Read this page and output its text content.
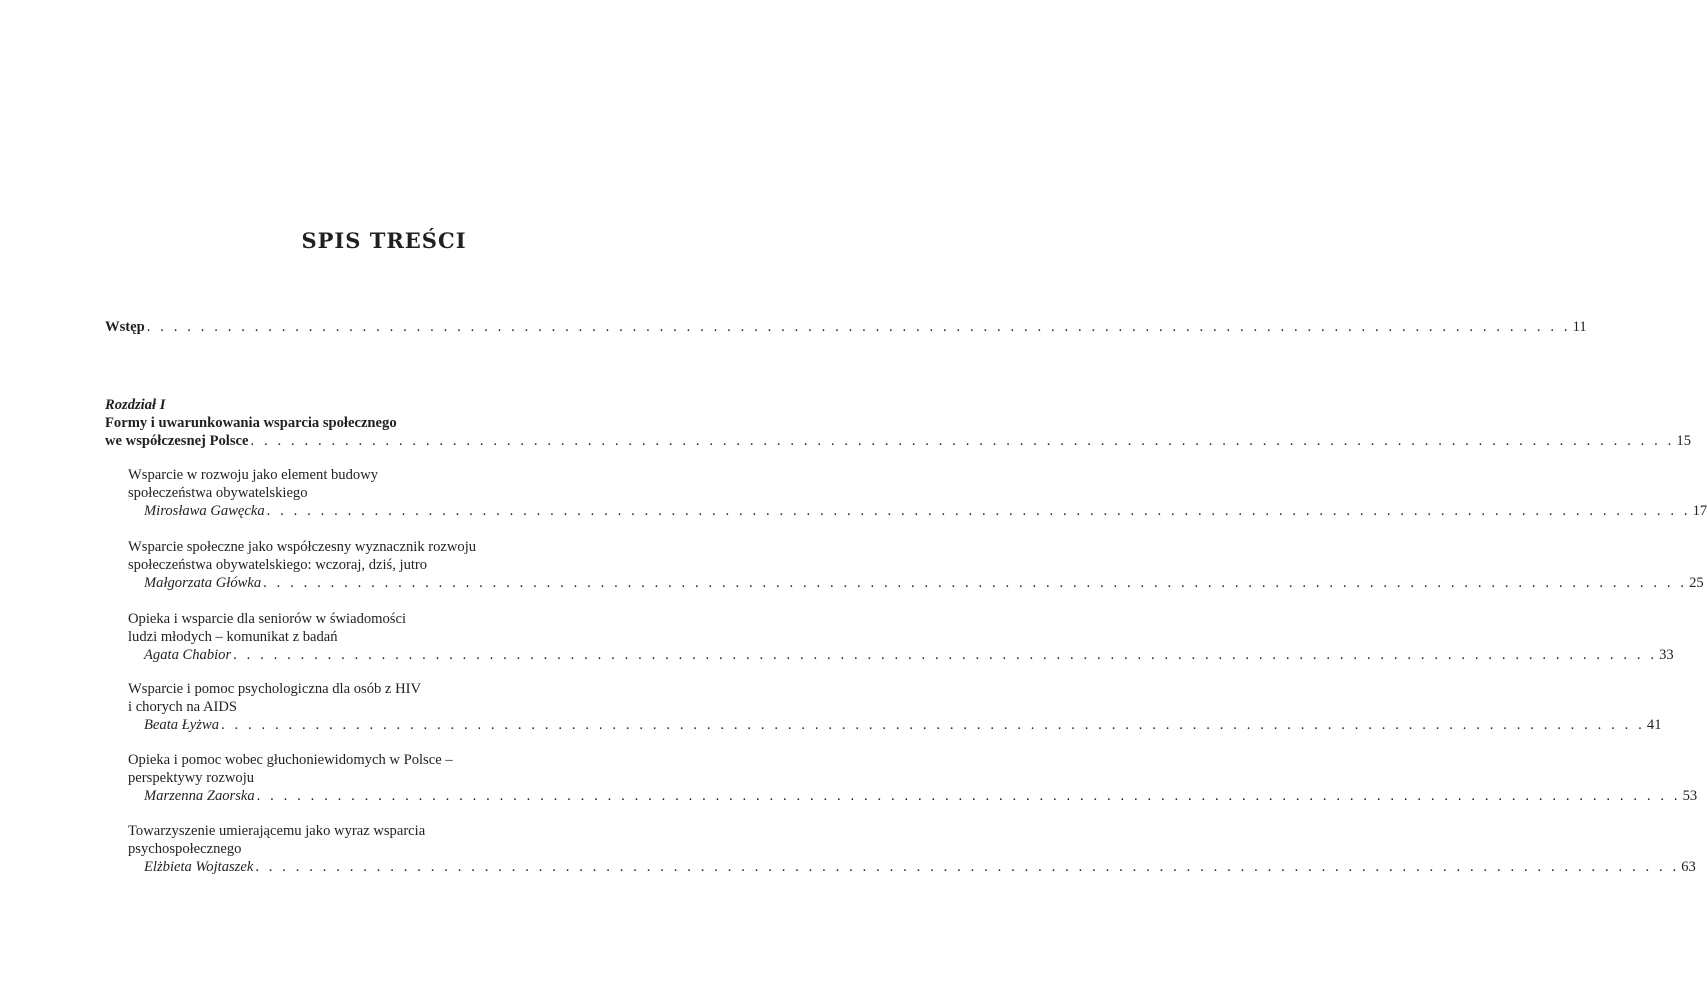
SPIS TREŚCI
Wstęp . . . . . . . . . . . . . . . . . . . . . . . . . . . . . . . . . . . . . . . . . . . . . . . . . . . . . . . . . . . . . . . . . . . . . . . . . . . . . . . . . . . . . . . . . . . . . . . . . . . . . . . . . . 11
Rozdział I
Formy i uwarunkowania wsparcia społecznego
we współczesnej Polsce . . . . . . . . . . . . . . . . . . . . . . . . . . . . . . . . . . . . . . . . . . . . . . . . . . . . . . . . . . . . . . . . . . . . . . . . . . . . . . . . . . . . . . . . . . . . . . . . . . . . . . . . . . 15
Wsparcie w rozwoju jako element budowy
społeczeństwa obywatelskiego
Mirosława Gawęcka . . . . . . . . . . . . . . . . . . . . . . . . . . . . . . . . . . . . . . . . . . . . . . . . . . . . . . . . . . . . . . . . . . . . . . . . . . . . . . . . . . . . . . . . . . . . . . . . . . . . . . . . . . 17
Wsparcie społeczne jako współczesny wyznacznik rozwoju
społeczeństwa obywatelskiego: wczoraj, dziś, jutro
Małgorzata Główka . . . . . . . . . . . . . . . . . . . . . . . . . . . . . . . . . . . . . . . . . . . . . . . . . . . . . . . . . . . . . . . . . . . . . . . . . . . . . . . . . . . . . . . . . . . . . . . . . . . . . . . . . . 25
Opieka i wsparcie dla seniorów w świadomości
ludzi młodych – komunikat z badań
Agata Chabior . . . . . . . . . . . . . . . . . . . . . . . . . . . . . . . . . . . . . . . . . . . . . . . . . . . . . . . . . . . . . . . . . . . . . . . . . . . . . . . . . . . . . . . . . . . . . . . . . . . . . . . . . . 33
Wsparcie i pomoc psychologiczna dla osób z HIV
i chorych na AIDS
Beata Łyżwa . . . . . . . . . . . . . . . . . . . . . . . . . . . . . . . . . . . . . . . . . . . . . . . . . . . . . . . . . . . . . . . . . . . . . . . . . . . . . . . . . . . . . . . . . . . . . . . . . . . . . . . . . . 41
Opieka i pomoc wobec głuchoniewidomych w Polsce –
perspektywy rozwoju
Marzenna Zaorska . . . . . . . . . . . . . . . . . . . . . . . . . . . . . . . . . . . . . . . . . . . . . . . . . . . . . . . . . . . . . . . . . . . . . . . . . . . . . . . . . . . . . . . . . . . . . . . . . . . . . . . . . . 53
Towarzyszenie umierającemu jako wyraz wsparcia
psychospołecznego
Elżbieta Wojtaszek . . . . . . . . . . . . . . . . . . . . . . . . . . . . . . . . . . . . . . . . . . . . . . . . . . . . . . . . . . . . . . . . . . . . . . . . . . . . . . . . . . . . . . . . . . . . . . . . . . . . . . . . . . 63
